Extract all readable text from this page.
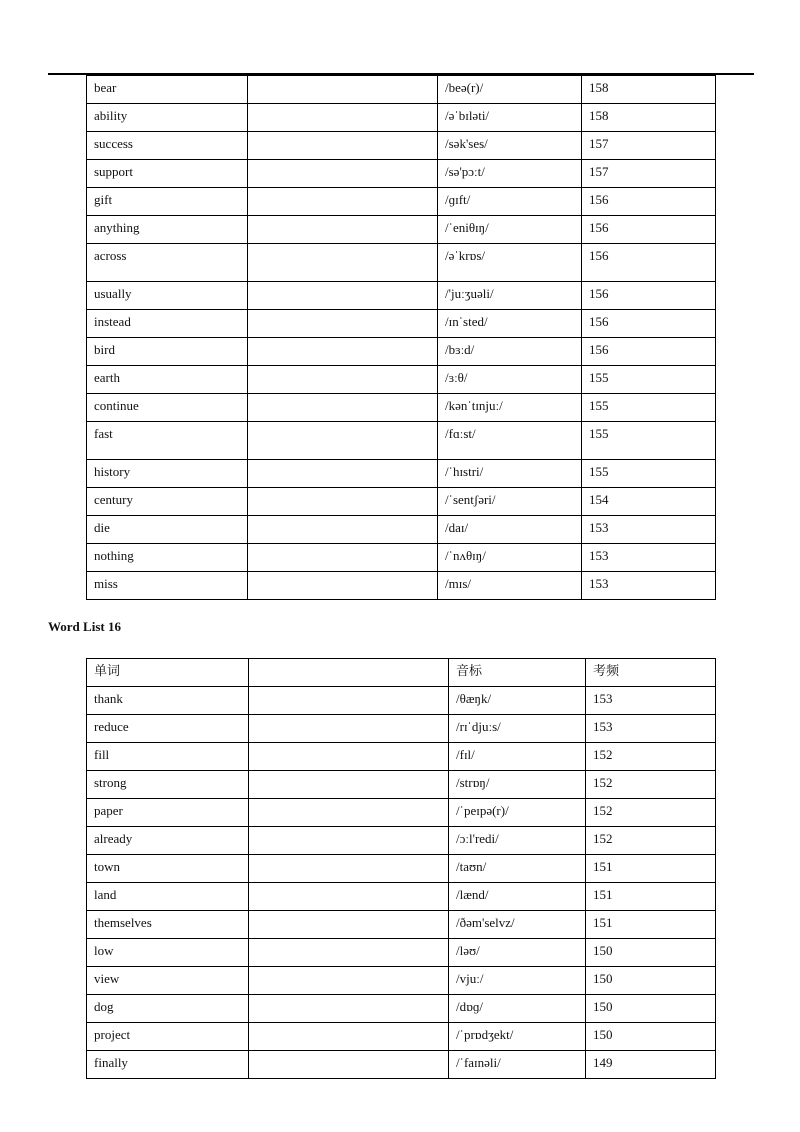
bear		/beə(r)/	158
ability		/əˈbɪləti/	158
success		/sək'ses/	157
support		/sə'pɔːt/	157
gift		/ɡɪft/	156
anything		/ˈeniθɪŋ/	156
across		/əˈkrɒs/	156
usually		/'juːʒuəli/	156
instead		/ɪnˈsted/	156
bird		/bɜːd/	156
earth		/ɜːθ/	155
continue		/kənˈtɪnjuː/	155
fast		/fɑːst/	155
history		/ˈhɪstri/	155
century		/ˈsentʃəri/	154
die		/daɪ/	153
nothing		/ˈnʌθɪŋ/	153
miss		/mɪs/	153
Word List 16
单词		音标	考频
thank		/θæŋk/	153
reduce		/rɪˈdjuːs/	153
fill		/fɪl/	152
strong		/strɒŋ/	152
paper		/ˈpeɪpə(r)/	152
already		/ɔːl'redi/	152
town		/taʊn/	151
land		/lænd/	151
themselves		/ðəm'selvz/	151
low		/ləʊ/	150
view		/vjuː/	150
dog		/dɒɡ/	150
project		/ˈprɒdʒekt/	150
finally		/ˈfaɪnəli/	149
